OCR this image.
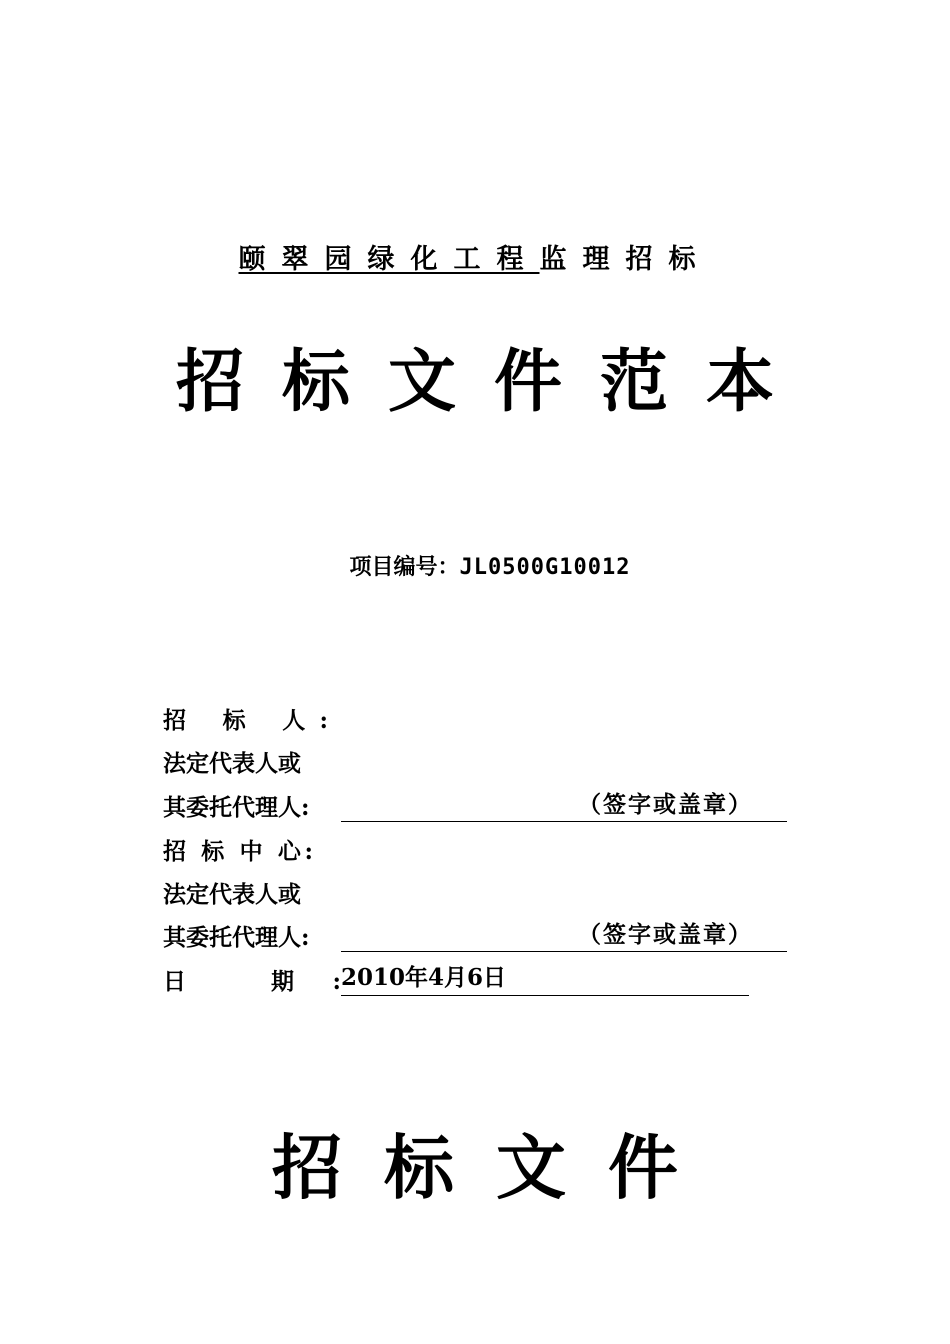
颐翠园绿化工程监理招标
招标文件范本
项目编号：JL0500G10012
招 标 人:
法定代表人或
其委托代理人:	（签字或盖章）
招 标 中 心:
法定代表人或
其委托代理人:	（签字或盖章）
日 期: 2010年4月6日
招标文件
